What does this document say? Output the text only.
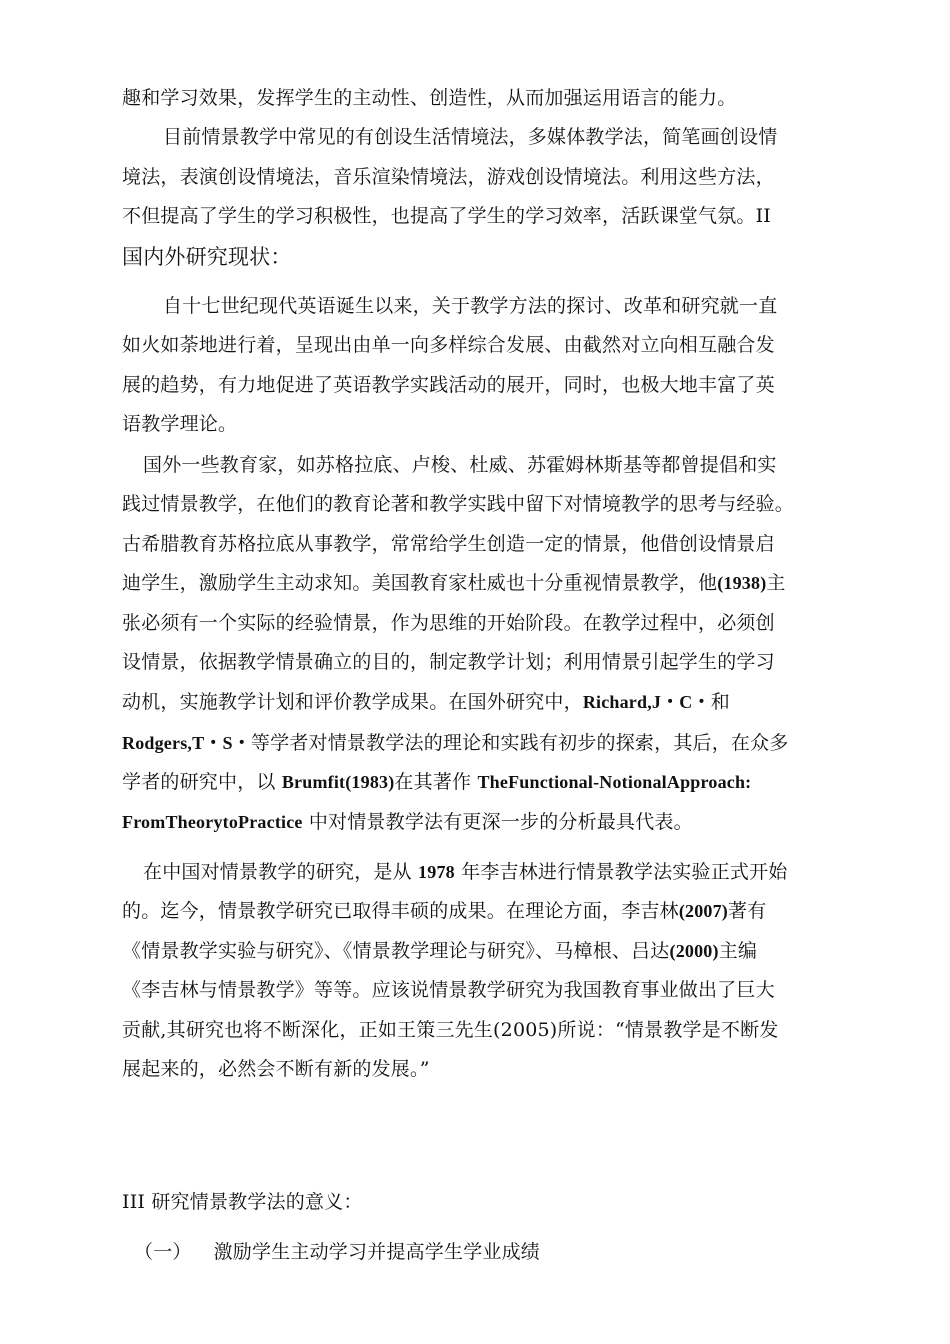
趣和学习效果，发挥学生的主动性、创造性，从而加强运用语言的能力。
目前情景教学中常见的有创设生活情境法，多媒体教学法，简笔画创设情
境法，表演创设情境法，音乐渲染情境法，游戏创设情境法。利用这些方法，
不但提高了学生的学习积极性，也提高了学生的学习效率，活跃课堂气氛。II
国内外研究现状：
自十七世纪现代英语诞生以来，关于教学方法的探讨、改革和研究就一直
如火如荼地进行着，呈现出由单一向多样综合发展、由截然对立向相互融合发
展的趋势，有力地促进了英语教学实践活动的展开，同时，也极大地丰富了英
语教学理论。
国外一些教育家，如苏格拉底、卢梭、杜威、苏霍姆林斯基等都曾提倡和实
践过情景教学，在他们的教育论著和教学实践中留下对情境教学的思考与经验。
古希腊教育苏格拉底从事教学，常常给学生创造一定的情景，他借创设情景启
迪学生，激励学生主动求知。美国教育家杜威也十分重视情景教学，他(1938)主
张必须有一个实际的经验情景，作为思维的开始阶段。在教学过程中，必须创
设情景，依据教学情景确立的目的，制定教学计划；利用情景引起学生的学习
动机，实施教学计划和评价教学成果。在国外研究中，Richard,J・C・和
Rodgers,T・S・等学者对情景教学法的理论和实践有初步的探索，其后，在众多
学者的研究中，以 Brumfit(1983)在其著作 TheFunctional-NotionalApproach:
FromTheorytoPractice 中对情景教学法有更深一步的分析最具代表。
在中国对情景教学的研究，是从 1978 年李吉林进行情景教学法实验正式开始
的。迄今，情景教学研究已取得丰硕的成果。在理论方面，李吉林(2007)著有
《情景教学实验与研究》、《情景教学理论与研究》、马樟根、吕达(2000)主编
《李吉林与情景教学》等等。应该说情景教学研究为我国教育事业做出了巨大
贡献,其研究也将不断深化，正如王策三先生(2005)所说：“情景教学是不断发
展起来的，必然会不断有新的发展。”
III 研究情景教学法的意义：
（一） 激励学生主动学习并提高学生学业成绩
